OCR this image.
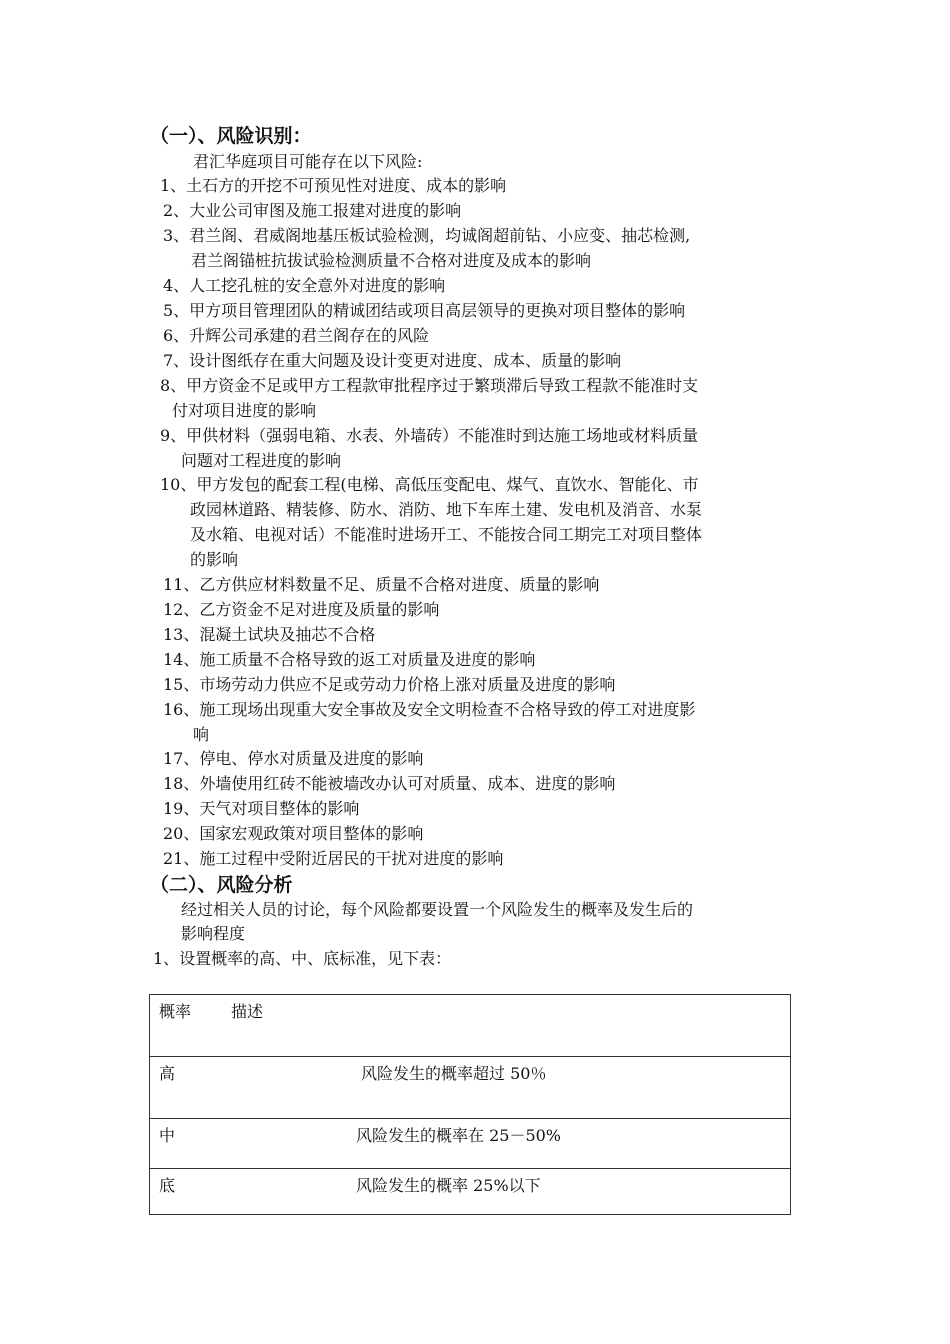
（一）、风险识别：
君汇华庭项目可能存在以下风险:
1、土石方的开挖不可预见性对进度、成本的影响
2、大业公司审图及施工报建对进度的影响
3、君兰阁、君威阁地基压板试验检测，均诚阁超前钻、小应变、抽芯检测,
君兰阁锚桩抗拔试验检测质量不合格对进度及成本的影响
4、人工挖孔桩的安全意外对进度的影响
5、甲方项目管理团队的精诚团结或项目高层领导的更换对项目整体的影响
6、升辉公司承建的君兰阁存在的风险
7、设计图纸存在重大问题及设计变更对进度、成本、质量的影响
8、甲方资金不足或甲方工程款审批程序过于繁琐滞后导致工程款不能准时支
付对项目进度的影响
9、甲供材料（强弱电箱、水表、外墙砖）不能准时到达施工场地或材料质量
问题对工程进度的影响
10、甲方发包的配套工程(电梯、高低压变配电、煤气、直饮水、智能化、市
政园林道路、精装修、防水、消防、地下车库土建、发电机及消音、水泵
及水箱、电视对话）不能准时进场开工、不能按合同工期完工对项目整体
的影响
11、乙方供应材料数量不足、质量不合格对进度、质量的影响
12、乙方资金不足对进度及质量的影响
13、混凝土试块及抽芯不合格
14、施工质量不合格导致的返工对质量及进度的影响
15、市场劳动力供应不足或劳动力价格上涨对质量及进度的影响
16、施工现场出现重大安全事故及安全文明检查不合格导致的停工对进度影
响
17、停电、停水对质量及进度的影响
18、外墙使用红砖不能被墙改办认可对质量、成本、进度的影响
19、天气对项目整体的影响
20、国家宏观政策对项目整体的影响
21、施工过程中受附近居民的干扰对进度的影响
（二）、风险分析
经过相关人员的讨论，每个风险都要设置一个风险发生的概率及发生后的
影响程度
1、设置概率的高、中、底标准，见下表：
概率 描述

高	风险发生的概率超过 50％

中	风险发生的概率在 25－50%

底	风险发生的概率 25%以下
